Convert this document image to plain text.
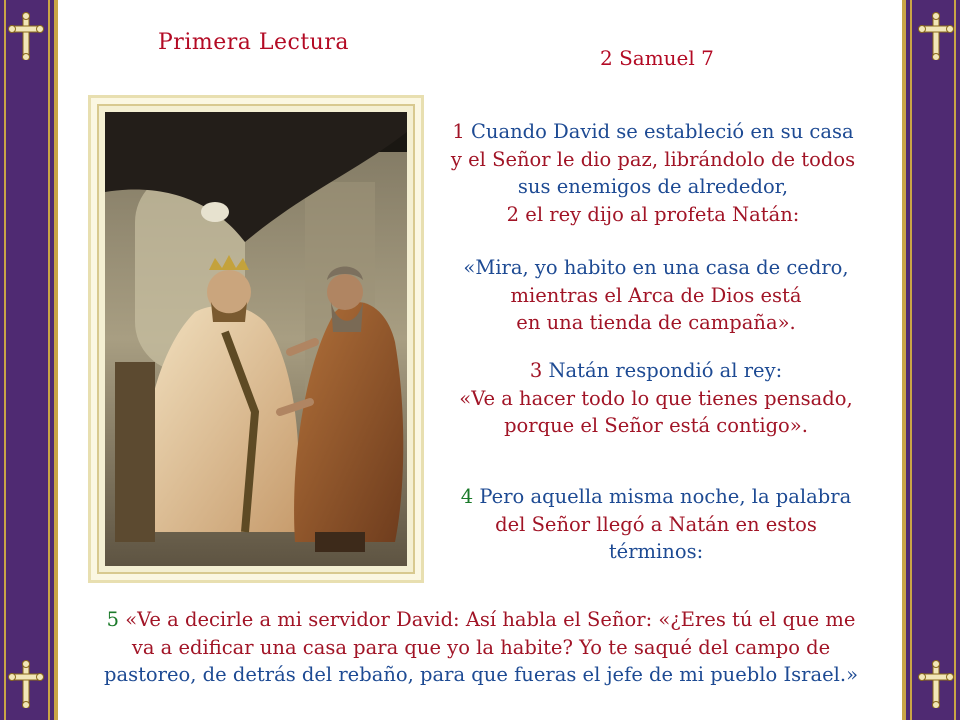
Primera Lectura
2 Samuel 7
1 Cuando David se estableció en su casa
y el Señor le dio paz, librándolo de todos
sus enemigos de alrededor,
2 el rey dijo al profeta Natán:
«Mira, yo habito en una casa de cedro,
mientras el Arca de Dios está
en una tienda de campaña».
3 Natán respondió al rey:
«Ve a hacer todo lo que tienes pensado,
porque el Señor está contigo».
4 Pero aquella misma noche, la palabra
del Señor llegó a Natán en estos
términos:
5 «Ve a decirle a mi servidor David: Así habla el Señor: «¿Eres tú el que me
va a edificar una casa para que yo la habite? Yo te saqué del campo de
pastoreo, de detrás del rebaño, para que fueras el jefe de mi pueblo Israel.»
